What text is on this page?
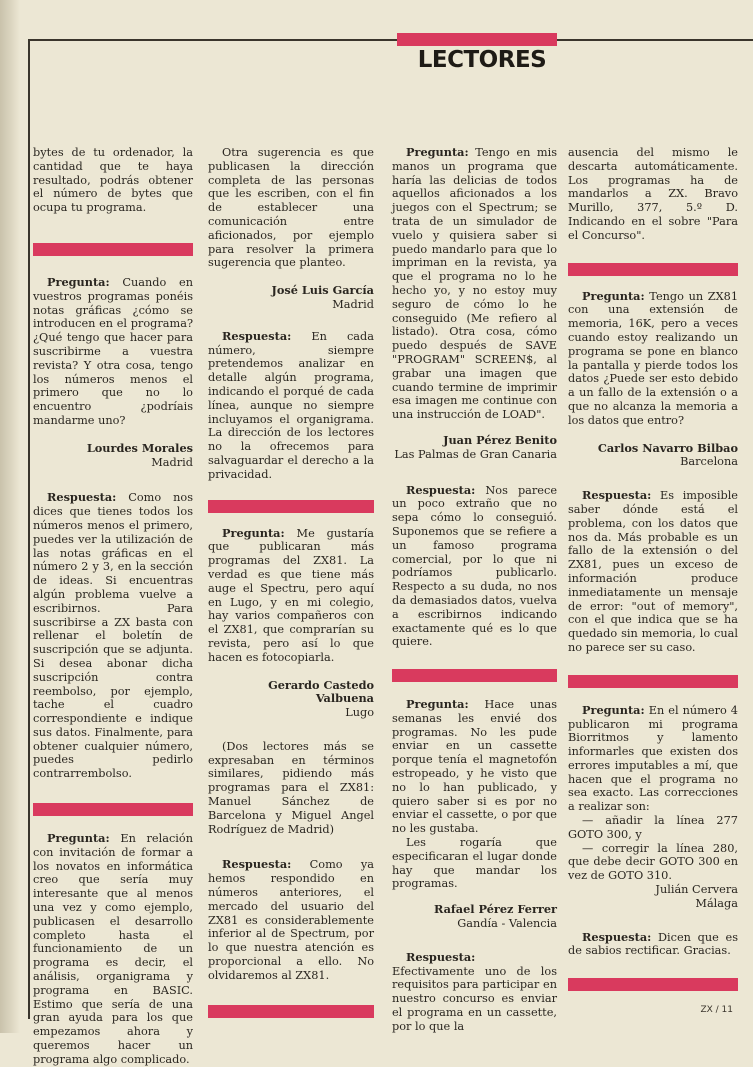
LECTORES

bytes de tu ordenador, la cantidad que te haya resultado, podrás obtener el número de bytes que ocupa tu programa.

Pregunta: Cuando en vuestros programas ponéis notas gráficas ¿cómo se introducen en el programa? ¿Qué tengo que hacer para suscribirme a vuestra revista? Y otra cosa, tengo los números menos el primero que no lo encuentro ¿podríais mandarme uno?

Lourdes Morales
Madrid

Respuesta: Como nos dices que tienes todos los números menos el primero, puedes ver la utilización de las notas gráficas en el número 2 y 3, en la sección de ideas. Si encuentras algún problema vuelve a escribirnos. Para suscribirse a ZX basta con rellenar el boletín de suscripción que se adjunta. Si desea abonar dicha suscripción contra reembolso, por ejemplo, tache el cuadro correspondiente e indique sus datos. Finalmente, para obtener cualquier número, puedes pedirlo contrarrembolso.

Pregunta: En relación con invitación de formar a los novatos en informática creo que sería muy interesante que al menos una vez y como ejemplo, publicasen el desarrollo completo hasta el funcionamiento de un programa es decir, el análisis, organigrama y programa en BASIC. Estimo que sería de una gran ayuda para los que empezamos ahora y queremos hacer un programa algo complicado.

Otra sugerencia es que publicasen la dirección completa de las personas que les escriben, con el fin de establecer una comunicación entre aficionados, por ejemplo para resolver la primera sugerencia que planteo.

José Luis García
Madrid

Respuesta: En cada número, siempre pretendemos analizar en detalle algún programa, indicando el porqué de cada línea, aunque no siempre incluyamos el organigrama. La dirección de los lectores no la ofrecemos para salvaguardar el derecho a la privacidad.

Pregunta: Me gustaría que publicaran más programas del ZX81. La verdad es que tiene más auge el Spectru, pero aquí en Lugo, y en mi colegio, hay varios compañeros con el ZX81, que comprarían su revista, pero así lo que hacen es fotocopiarla.

Gerardo Castedo Valbuena
Lugo

(Dos lectores más se expresaban en términos similares, pidiendo más programas para el ZX81: Manuel Sánchez de Barcelona y Miguel Angel Rodríguez de Madrid)

Respuesta: Como ya hemos respondido en números anteriores, el mercado del usuario del ZX81 es considerablemente inferior al de Spectrum, por lo que nuestra atención es proporcional a ello. No olvidaremos al ZX81.

Pregunta: Tengo en mis manos un programa que haría las delicias de todos aquellos aficionados a los juegos con el Spectrum; se trata de un simulador de vuelo y quisiera saber si puedo mandarlo para que lo impriman en la revista, ya que el programa no lo he hecho yo, y no estoy muy seguro de cómo lo he conseguido (Me refiero al listado). Otra cosa, cómo puedo después de SAVE "PROGRAM" SCREEN$, al grabar una imagen que cuando termine de imprimir esa imagen me continue con una instrucción de LOAD".

Juan Pérez Benito
Las Palmas de Gran Canaria

Respuesta: Nos parece un poco extraño que no sepa cómo lo conseguió. Suponemos que se refiere a un famoso programa comercial, por lo que ni podríamos publicarlo. Respecto a su duda, no nos da demasiados datos, vuelva a escribirnos indicando exactamente qué es lo que quiere.

Pregunta: Hace unas semanas les envié dos programas. No les pude enviar en un cassette porque tenía el magnetofón estropeado, y he visto que no lo han publicado, y quiero saber si es por no enviar el cassette, o por que no les gustaba.

Les rogaría que especificaran el lugar donde hay que mandar los programas.

Rafael Pérez Ferrer
Gandía - Valencia

Respuesta: Efectivamente uno de los requisitos para participar en nuestro concurso es enviar el programa en un cassette, por lo que la

ausencia del mismo le descarta automáticamente. Los programas ha de mandarlos a ZX. Bravo Murillo, 377, 5.º D. Indicando en el sobre "Para el Concurso".

Pregunta: Tengo un ZX81 con una extensión de memoria, 16K, pero a veces cuando estoy realizando un programa se pone en blanco la pantalla y pierde todos los datos ¿Puede ser esto debido a un fallo de la extensión o a que no alcanza la memoria a los datos que entro?

Carlos Navarro Bilbao
Barcelona

Respuesta: Es imposible saber dónde está el problema, con los datos que nos da. Más probable es un fallo de la extensión o del ZX81, pues un exceso de información produce inmediatamente un mensaje de error: "out of memory", con el que indica que se ha quedado sin memoria, lo cual no parece ser su caso.

Pregunta: En el número 4 publicaron mi programa Biorritmos y lamento informarles que existen dos errores imputables a mí, que hacen que el programa no sea exacto. Las correcciones a realizar son:

— añadir la línea 277 GOTO 300, y

— corregir la línea 280, que debe decir GOTO 300 en vez de GOTO 310.

Julián Cervera
Málaga

Respuesta: Dicen que es de sabios rectificar. Gracias.

ZX / 11
